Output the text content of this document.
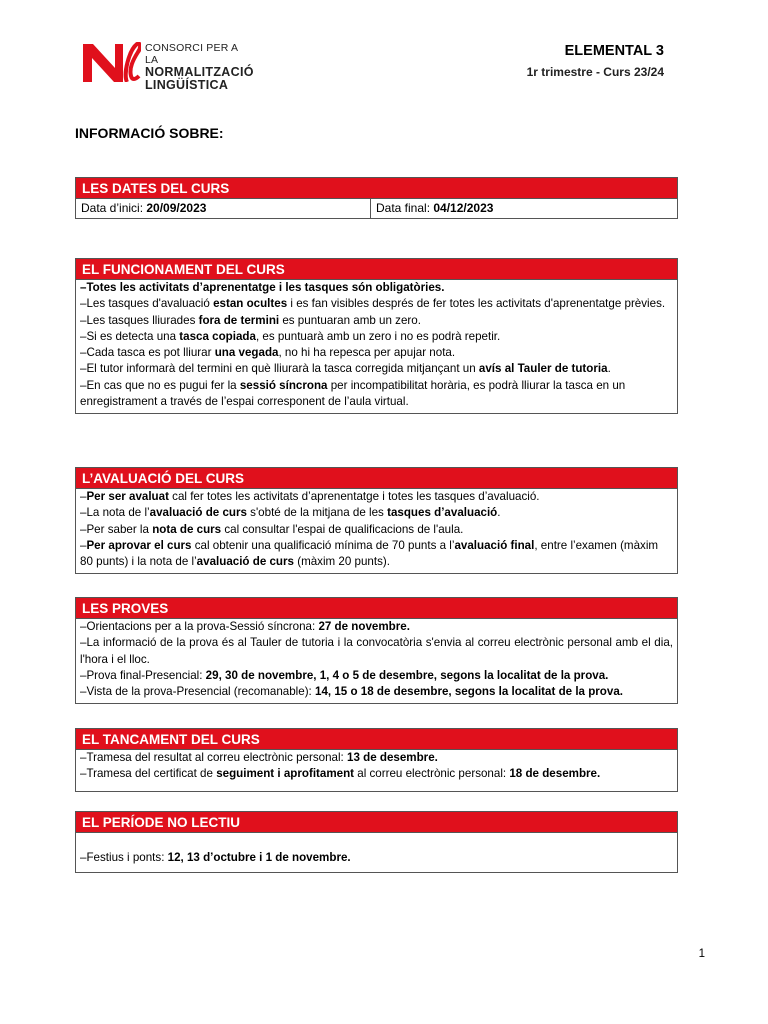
CONSORCI PER A LA
NORMALITZACIÓ
LINGÜÍSTICA
ELEMENTAL 3
1r trimestre - Curs 23/24
INFORMACIÓ SOBRE:
LES DATES DEL CURS
Data d’inici: 20/09/2023	Data final: 04/12/2023
EL FUNCIONAMENT DEL CURS

–Totes les activitats d’aprenentatge i les tasques són obligatòries.

–Les tasques d'avaluació estan ocultes i es fan visibles després de fer totes les activitats d'aprenentatge prèvies.

–Les tasques lliurades fora de termini es puntuaran amb un zero.

–Si es detecta una tasca copiada, es puntuarà amb un zero i no es podrà repetir.

–Cada tasca es pot lliurar una vegada, no hi ha repesca per apujar nota.

–El tutor informarà del termini en què lliurarà la tasca corregida mitjançant un avís al Tauler de tutoria.

–En cas que no es pugui fer la sessió síncrona per incompatibilitat horària, es podrà lliurar la tasca en un enregistrament a través de l’espai corresponent de l’aula virtual.

L’AVALUACIÓ DEL CURS

–Per ser avaluat cal fer totes les activitats d’aprenentatge i totes les tasques d’avaluació.

–La nota de l’avaluació de curs s'obté de la mitjana de les tasques d’avaluació.

–Per saber la nota de curs cal consultar l'espai de qualificacions de l'aula.

–Per aprovar el curs cal obtenir una qualificació mínima de 70 punts a l’avaluació final, entre l’examen (màxim 80 punts) i la nota de l’avaluació de curs (màxim 20 punts).

LES PROVES

–Orientacions per a la prova-Sessió síncrona: 27 de novembre.

–La informació de la prova és al Tauler de tutoria i la convocatòria s'envia al correu electrònic personal amb el dia, l'hora i el lloc.

–Prova final-Presencial: 29, 30 de novembre, 1, 4 o 5 de desembre, segons la localitat de la prova.

–Vista de la prova-Presencial (recomanable): 14, 15 o 18 de desembre, segons la localitat de la prova.

EL TANCAMENT DEL CURS

–Tramesa del resultat al correu electrònic personal: 13 de desembre.

–Tramesa del certificat de seguiment i aprofitament al correu electrònic personal: 18 de desembre.

EL PERÍODE NO LECTIU

–Festius i ponts: 12, 13 d’octubre i 1 de novembre.

1
